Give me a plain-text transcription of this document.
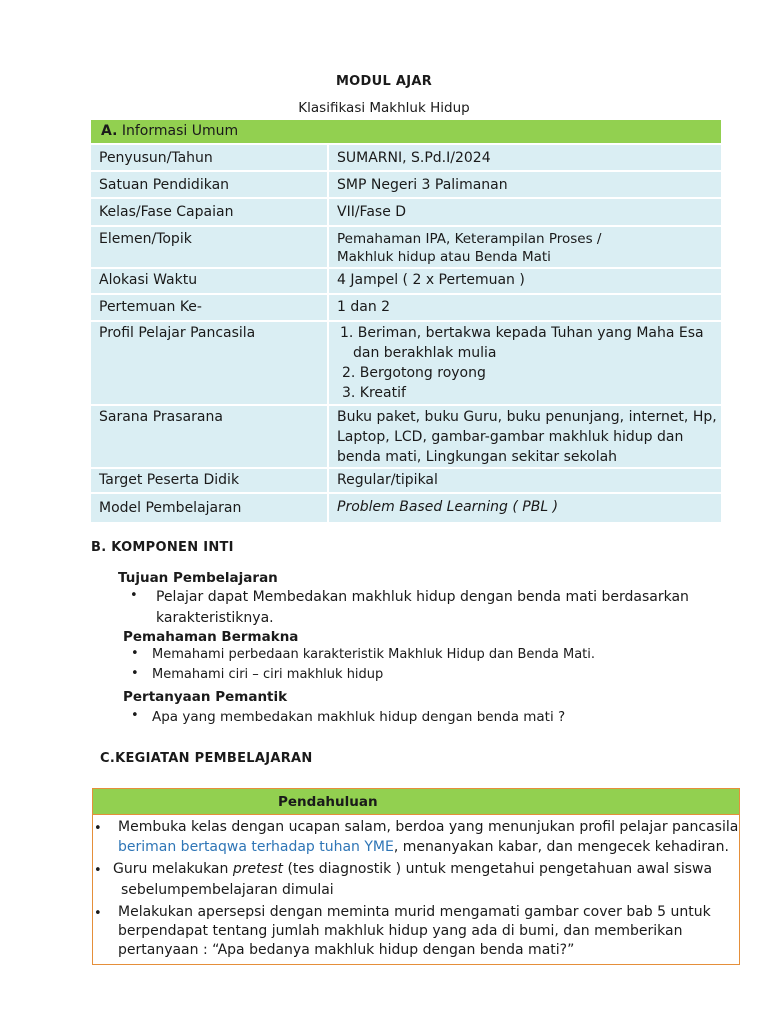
MODUL AJAR
Klasifikasi Makhluk Hidup
A. Informasi Umum
Penyusun/Tahun	SUMARNI, S.Pd.I/2024
Satuan Pendidikan	SMP Negeri 3 Palimanan
Kelas/Fase Capaian	VII/Fase D
Elemen/Topik	Pemahaman IPA, Keterampilan Proses /
Makhluk hidup atau Benda Mati
Alokasi Waktu	4 Jampel ( 2 x Pertemuan )
Pertemuan Ke-	1 dan 2
Profil Pelajar Pancasila	1. Beriman, bertakwa kepada Tuhan yang Maha Esa
dan berakhlak mulia
2. Bergotong royong
3. Kreatif
Sarana Prasarana	Buku paket, buku Guru, buku penunjang, internet, Hp,
Laptop, LCD, gambar-gambar makhluk hidup dan
benda mati, Lingkungan sekitar sekolah
Target Peserta Didik	Regular/tipikal
Model Pembelajaran	Problem Based Learning ( PBL )
B. KOMPONEN INTI
Tujuan Pembelajaran
• Pelajar dapat Membedakan makhluk hidup dengan benda mati berdasarkan
karakteristiknya.
Pemahaman Bermakna
• Memahami perbedaan karakteristik Makhluk Hidup dan Benda Mati.
• Memahami ciri – ciri makhluk hidup
Pertanyaan Pemantik
• Apa yang membedakan makhluk hidup dengan benda mati ?
C.KEGIATAN PEMBELAJARAN
Pendahuluan
• Membuka kelas dengan ucapan salam, berdoa yang menunjukan profil pelajar pancasila
beriman bertaqwa terhadap tuhan YME, menanyakan kabar, dan mengecek kehadiran.
• Guru melakukan pretest (tes diagnostik ) untuk mengetahui pengetahuan awal siswa
sebelumpembelajaran dimulai
• Melakukan apersepsi dengan meminta murid mengamati gambar cover bab 5 untuk
berpendapat tentang jumlah makhluk hidup yang ada di bumi, dan memberikan
pertanyaan : “Apa bedanya makhluk hidup dengan benda mati?”
